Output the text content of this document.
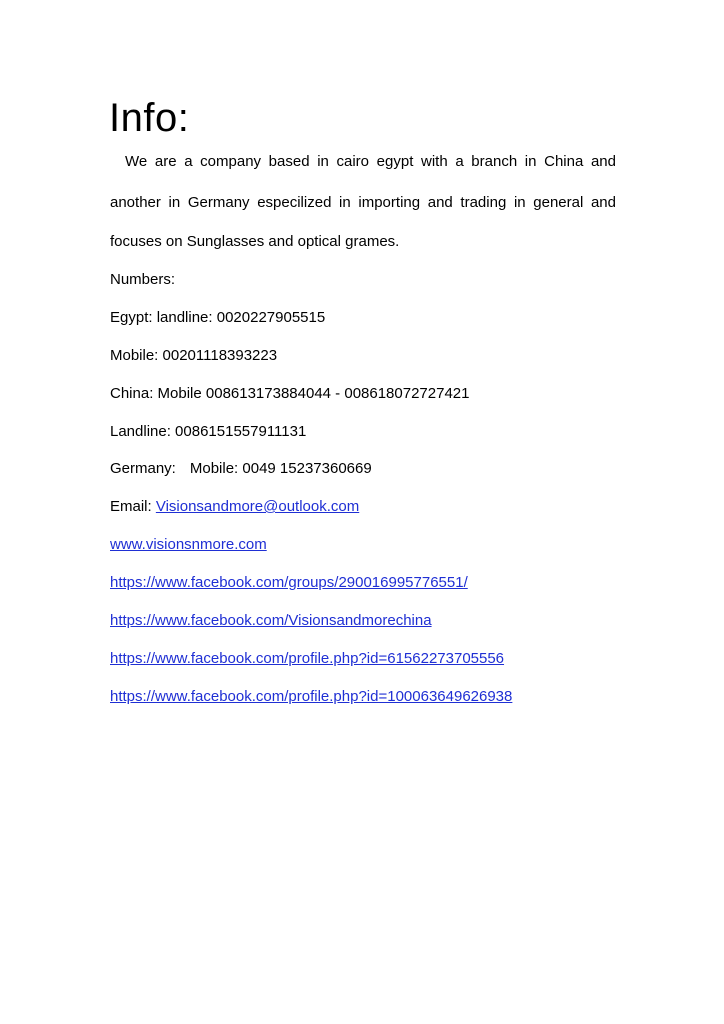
Info:

We are a company based in cairo egypt with a branch in China and

another in Germany especilized in importing and trading in general and

focuses on Sunglasses and optical grames.

Numbers:

Egypt: landline: 0020227905515

Mobile: 00201118393223

China: Mobile 008613173884044 - 008618072727421

Landline: 0086151557911131

Germany: Mobile: 0049 15237360669

Email: Visionsandmore@outlook.com

www.visionsnmore.com

https://www.facebook.com/groups/290016995776551/

https://www.facebook.com/Visionsandmorechina

https://www.facebook.com/profile.php?id=61562273705556

https://www.facebook.com/profile.php?id=100063649626938
